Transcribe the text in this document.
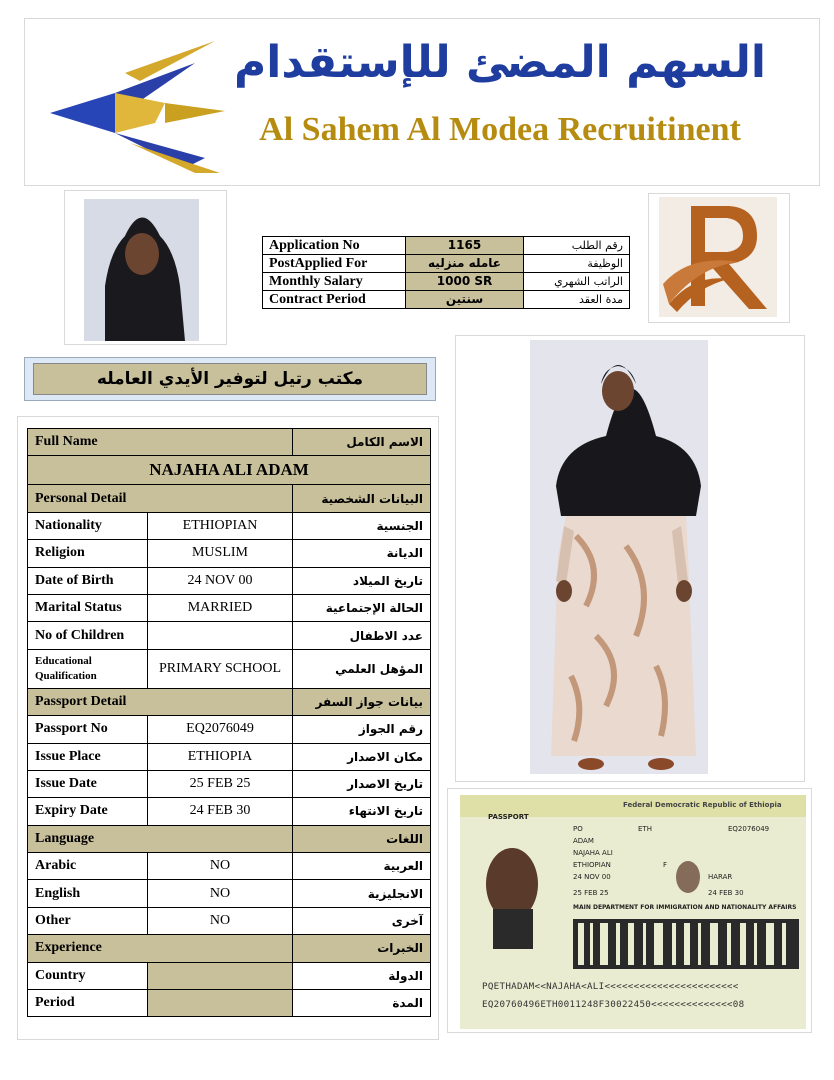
السهم المضئ للإستقدام
Al Sahem Al Modea Recruitinent
Application No	1165	رقم الطلب
PostApplied For	عامله منزليه	الوظيفة
Monthly Salary	1000 SR	الراتب الشهري
Contract Period	سنتين	مدة العقد
مكتب رتيل لتوفير الأيدي العامله
Full Name		الاسم الكامل
NAJAHA ALI ADAM		
Personal Detail		البيانات الشخصية
Nationality	ETHIOPIAN	الجنسية
Religion	MUSLIM	الديانة
Date of Birth	24 NOV 00	تاريخ الميلاد
Marital Status	MARRIED	الحالة الإجتماعية
No of Children		عدد الاطفال
Educational Qualification	PRIMARY SCHOOL	المؤهل العلمي
Passport Detail		بيانات جواز السفر
Passport No	EQ2076049	رقم الجواز
Issue Place	ETHIOPIA	مكان الاصدار
Issue Date	25 FEB 25	تاريخ الاصدار
Expiry Date	24 FEB 30	تاريخ الانتهاء
Language		اللغات
Arabic	NO	العربية
English	NO	الانجليزية
Other	NO	آخرى
Experience		الخبرات
Country		الدولة
Period		المدة
Federal Democratic Republic of Ethiopia
PASSPORT
PO	ETH	EQ2076049
ADAM
NAJAHA ALI
ETHIOPIAN	F
24 NOV 00	HARAR
25 FEB 25	24 FEB 30
MAIN DEPARTMENT FOR IMMIGRATION AND NATIONALITY AFFAIRS
PQETHADAM<<NAJAHA<ALI<<<<<<<<<<<<<<<<<<<<<<<
EQ20760496ETH0011248F30022450<<<<<<<<<<<<<<08
